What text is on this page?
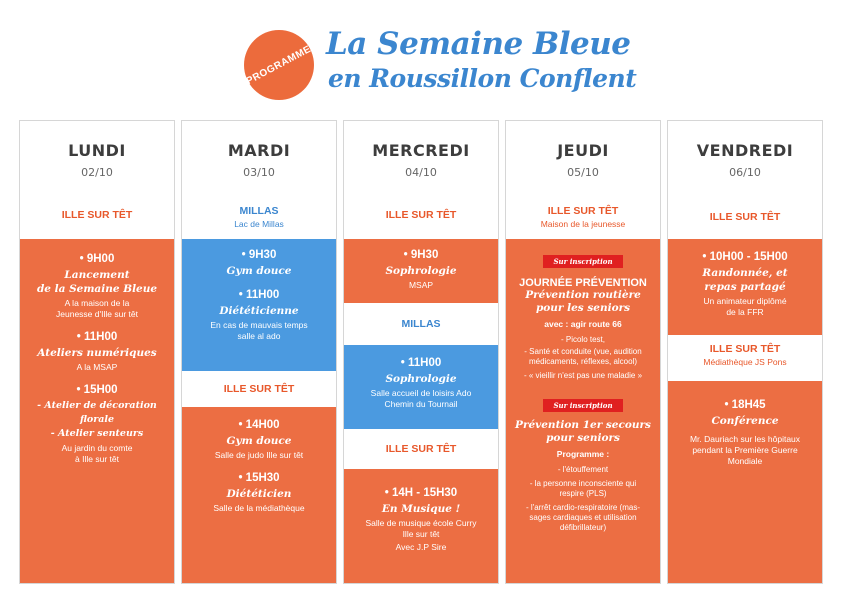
PROGRAMME La Semaine Bleue
en Roussillon Conflent
LUNDI
02/10
ILLE SUR TÊT
• 9H00
Lancement
de la Semaine Bleue
A la maison de la
Jeunesse d'Ille sur têt
• 11H00
Ateliers numériques
A la MSAP
• 15H00
- Atelier de décoration florale
- Atelier senteurs
Au jardin du comte
à Ille sur têt
MARDI
03/10
MILLAS
Lac de Millas
• 9H30
Gym douce
• 11H00
Diététicienne
En cas de mauvais temps
salle al ado
ILLE SUR TÊT
• 14H00
Gym douce
Salle de judo Ille sur têt
• 15H30
Diététicien
Salle de la médiathèque
MERCREDI
04/10
ILLE SUR TÊT
• 9H30
Sophrologie
MSAP
MILLAS
• 11H00
Sophrologie
Salle accueil de loisirs Ado
Chemin du Tournail
ILLE SUR TÊT
• 14H - 15H30
En Musique !
Salle de musique école Curry
Ille sur têt
Avec J.P Sire
JEUDI
05/10
ILLE SUR TÊT
Maison de la jeunesse
Sur inscription
JOURNÉE PRÉVENTION
Prévention routière
pour les seniors
avec : agir route 66
- Picolo test,
- Santé et conduite (vue, audition
médicaments, réflexes, alcool)
- « vieillir n'est pas une maladie »
Sur inscription
Prévention 1er secours
pour seniors
Programme :
- l'étouffement
- la personne inconsciente qui
respire (PLS)
- l'arrêt cardio-respiratoire (mas-
sages cardiaques et utilisation
défibrillateur)
VENDREDI
06/10
ILLE SUR TÊT
• 10H00 - 15H00
Randonnée, et
repas partagé
Un animateur diplômé
de la FFR
ILLE SUR TÊT
Médiathèque JS Pons
• 18H45
Conférence
Mr. Dauriach sur les hôpitaux
pendant la Première Guerre
Mondiale
